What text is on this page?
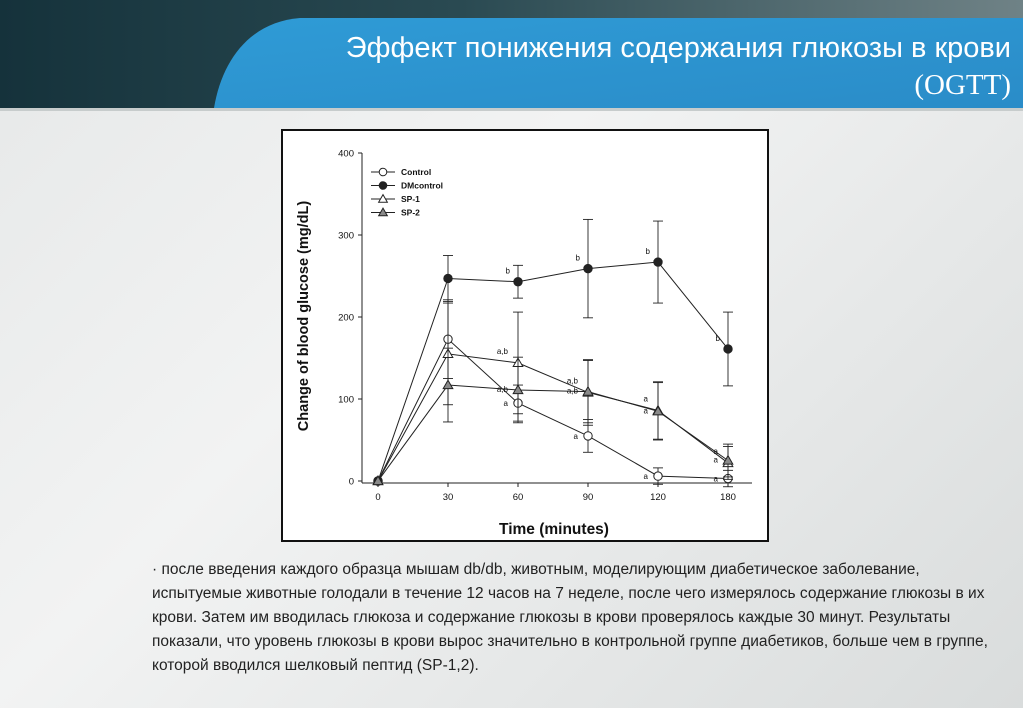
Эффект понижения содержания глюкозы в крови (OGTT)
Change of blood glucose (mg/dL)
Time (minutes)
0
100
200
300
400
0	30	60	90	120	180
a
a
a	a
b
b
b
b
a,b
a,b
a
a
a,b	a,b
a
a
Control
DMcontrol
SP-1
SP-2
· после введения каждого образца мышам db/db, животным, моделирующим диабетическое заболевание, испытуемые животные голодали в течение 12 часов на 7 неделе, после чего измерялось содержание глюкозы в их крови. Затем им вводилась глюкоза и содержание глюкозы в крови проверялось каждые 30 минут. Результаты показали, что уровень глюкозы в крови вырос значительно в контрольной группе диабетиков, больше чем в группе, которой вводился шелковый пептид (SP-1,2).
